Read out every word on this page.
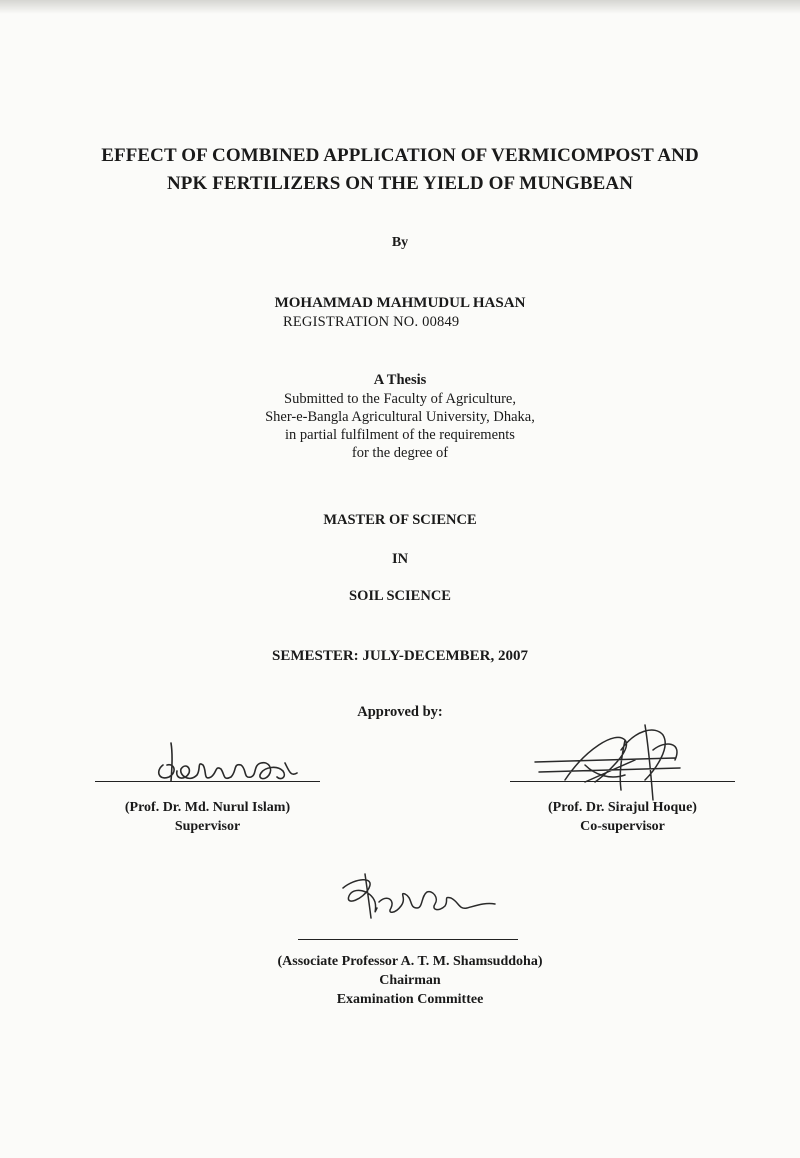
EFFECT OF COMBINED APPLICATION OF VERMICOMPOST AND
NPK FERTILIZERS ON THE YIELD OF MUNGBEAN
By
MOHAMMAD MAHMUDUL HASAN
REGISTRATION NO. 00849
A Thesis
Submitted to the Faculty of Agriculture,
Sher-e-Bangla Agricultural University, Dhaka,
in partial fulfilment of the requirements
for the degree of
MASTER OF SCIENCE
IN
SOIL SCIENCE
SEMESTER: JULY-DECEMBER, 2007
Approved by:
(Prof. Dr. Md. Nurul Islam)
Supervisor
(Prof. Dr. Sirajul Hoque)
Co-supervisor
(Associate Professor A. T. M. Shamsuddoha)
Chairman
Examination Committee
